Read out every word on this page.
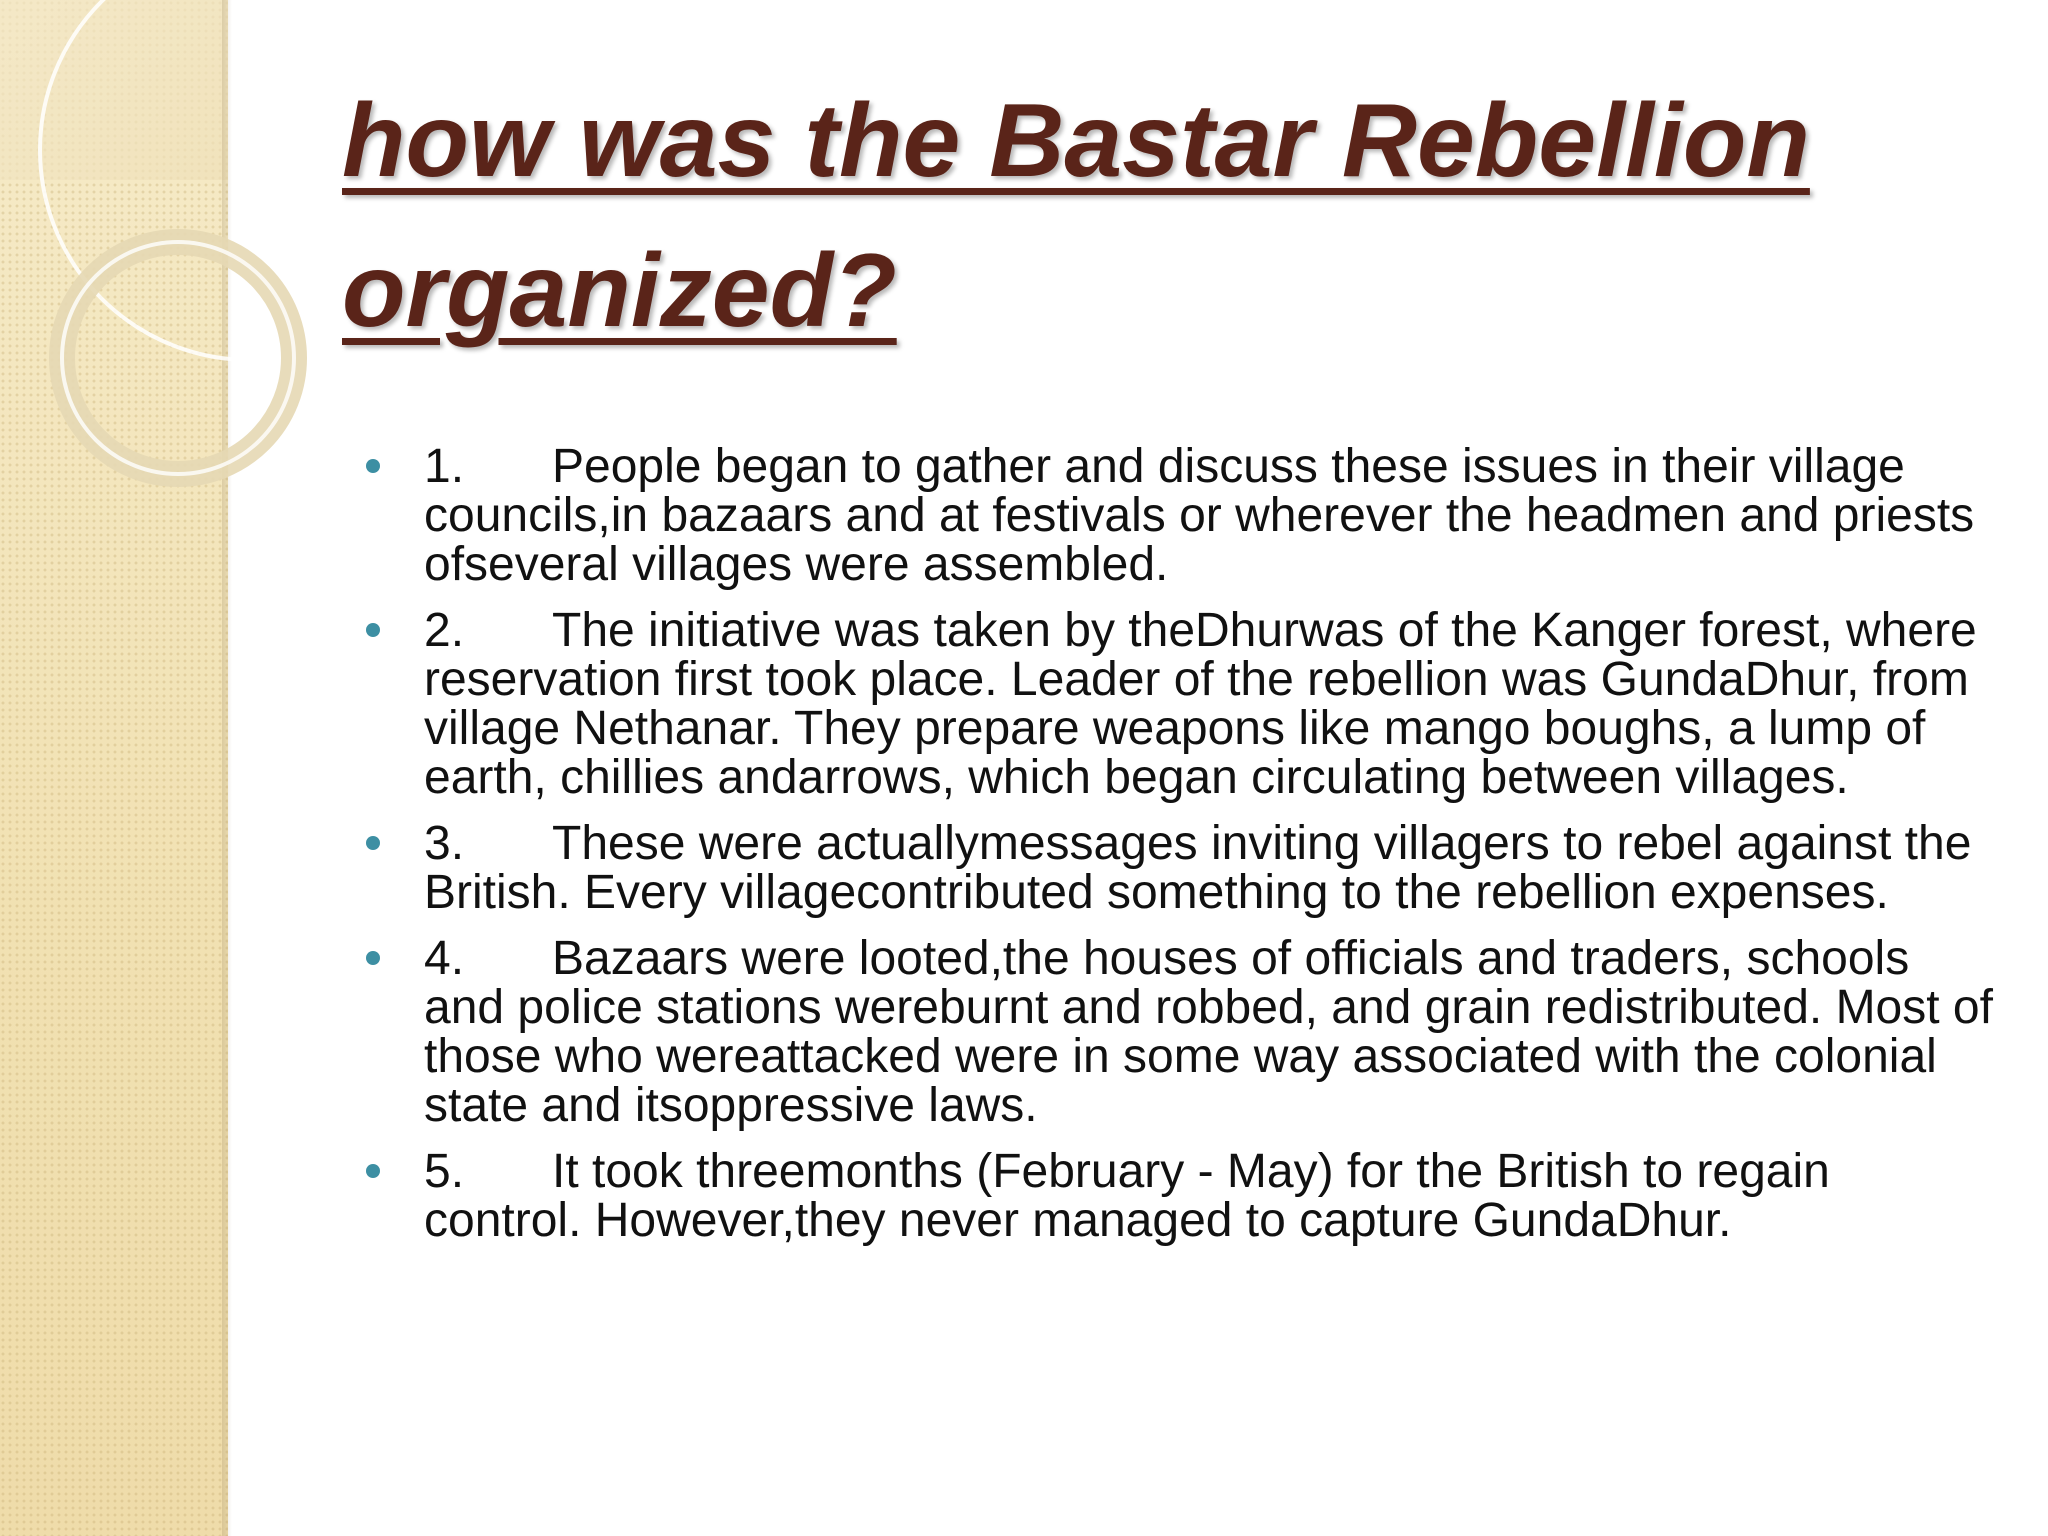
how was the Bastar Rebellion organized?
1. People began to gather and discuss these issues in their village councils,in bazaars and at festivals or wherever the headmen and priests ofseveral villages were assembled.
2. The initiative was taken by theDhurwas of the Kanger forest, where reservation first took place. Leader of the rebellion was GundaDhur, from village Nethanar. They prepare weapons like mango boughs, a lump of earth, chillies andarrows, which began circulating between villages.
3. These were actuallymessages inviting villagers to rebel against the British. Every villagecontributed something to the rebellion expenses.
4. Bazaars were looted,the houses of officials and traders, schools and police stations wereburnt and robbed, and grain redistributed. Most of those who wereattacked were in some way associated with the colonial state and itsoppressive laws.
5. It took threemonths (February - May) for the British to regain control. However,they never managed to capture GundaDhur.
